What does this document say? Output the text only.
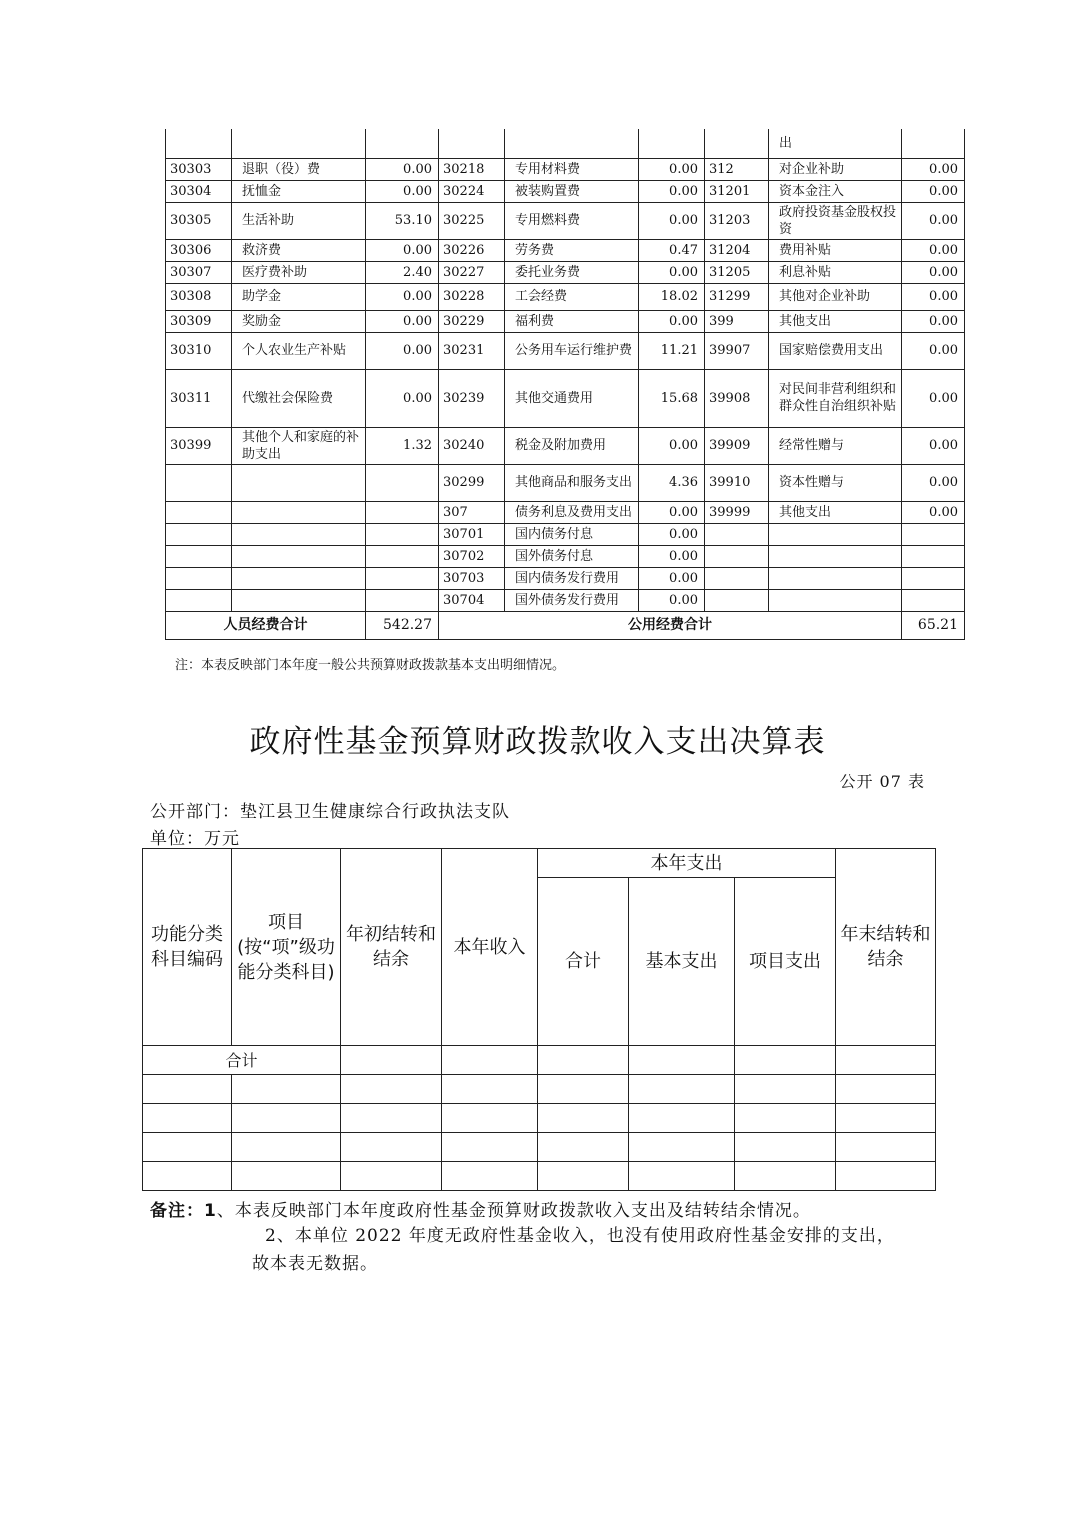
							出	
30303	退职（役）费	0.00	30218	专用材料费	0.00	312	对企业补助	0.00
30304	抚恤金	0.00	30224	被装购置费	0.00	31201	资本金注入	0.00
30305	生活补助	53.10	30225	专用燃料费	0.00	31203	政府投资基金股权投资	0.00
30306	救济费	0.00	30226	劳务费	0.47	31204	费用补贴	0.00
30307	医疗费补助	2.40	30227	委托业务费	0.00	31205	利息补贴	0.00
30308	助学金	0.00	30228	工会经费	18.02	31299	其他对企业补助	0.00
30309	奖励金	0.00	30229	福利费	0.00	399	其他支出	0.00
30310	个人农业生产补贴	0.00	30231	公务用车运行维护费	11.21	39907	国家赔偿费用支出	0.00
30311	代缴社会保险费	0.00	30239	其他交通费用	15.68	39908	对民间非营利组织和群众性自治组织补贴	0.00
30399	其他个人和家庭的补助支出	1.32	30240	税金及附加费用	0.00	39909	经常性赠与	0.00
			30299	其他商品和服务支出	4.36	39910	资本性赠与	0.00
			307	债务利息及费用支出	0.00	39999	其他支出	0.00
			30701	国内债务付息	0.00			
			30702	国外债务付息	0.00			
			30703	国内债务发行费用	0.00			
			30704	国外债务发行费用	0.00			
人员经费合计		542.27	公用经费合计					65.21
注：本表反映部门本年度一般公共预算财政拨款基本支出明细情况。
政府性基金预算财政拨款收入支出决算表
公开 07 表
公开部门：垫江县卫生健康综合行政执法支队
单位：万元
功能分类科目编码	项目(按“项”级功能分类科目)	年初结转和结余	本年收入	本年支出			年末结转和结余
				合计	基本支出	项目支出	
合计							

备注：1、本表反映部门本年度政府性基金预算财政拨款收入支出及结转结余情况。
2、本单位 2022 年度无政府性基金收入，也没有使用政府性基金安排的支出，故本表无数据。
